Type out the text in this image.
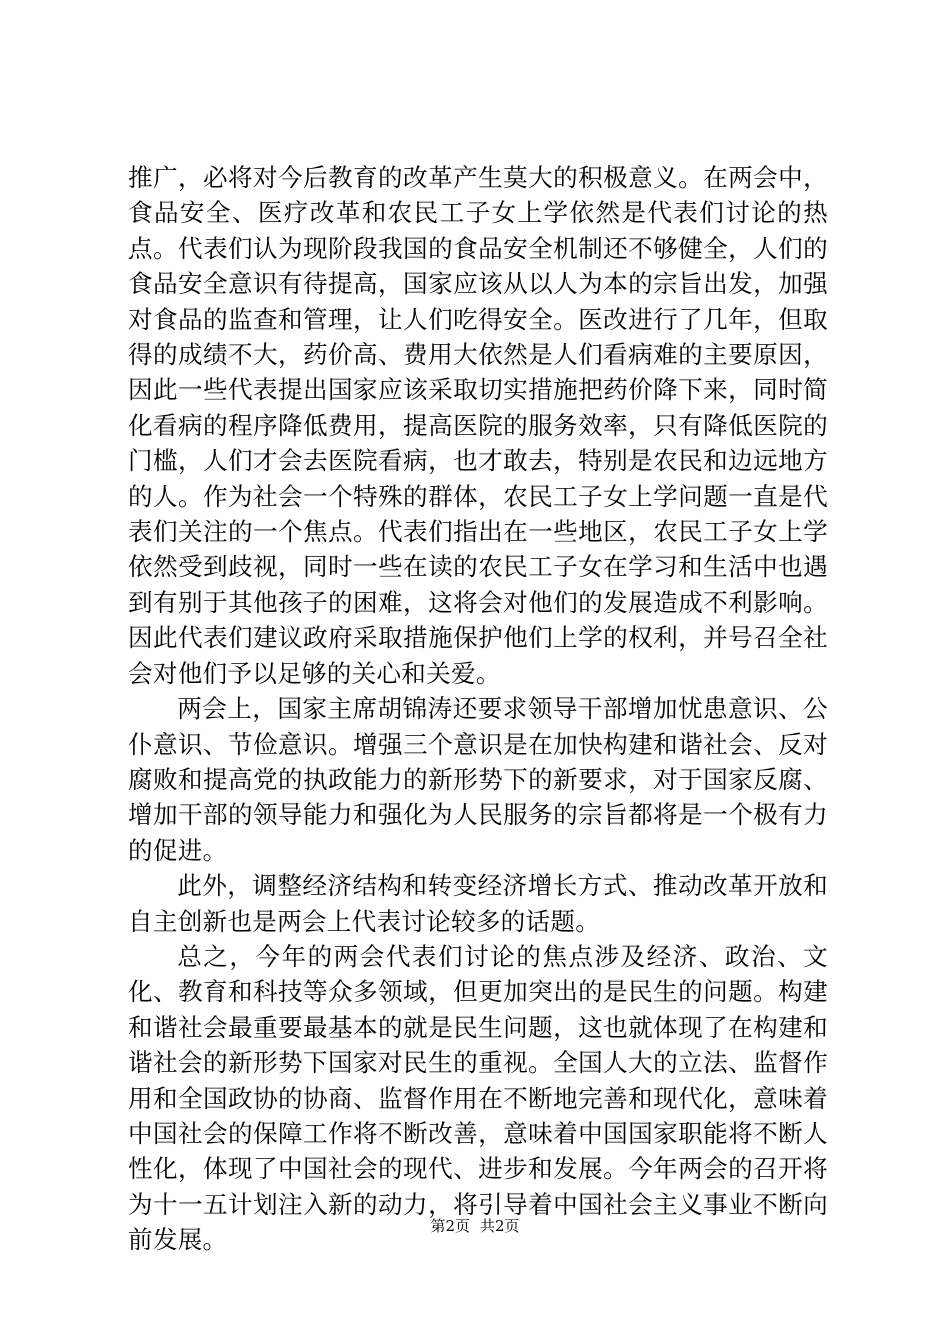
推广，必将对今后教育的改革产生莫大的积极意义。在两会中，食品安全、医疗改革和农民工子女上学依然是代表们讨论的热点。代表们认为现阶段我国的食品安全机制还不够健全，人们的食品安全意识有待提高，国家应该从以人为本的宗旨出发，加强对食品的监查和管理，让人们吃得安全。医改进行了几年，但取得的成绩不大，药价高、费用大依然是人们看病难的主要原因，因此一些代表提出国家应该采取切实措施把药价降下来，同时简化看病的程序降低费用，提高医院的服务效率，只有降低医院的门槛，人们才会去医院看病，也才敢去，特别是农民和边远地方的人。作为社会一个特殊的群体，农民工子女上学问题一直是代表们关注的一个焦点。代表们指出在一些地区，农民工子女上学依然受到歧视，同时一些在读的农民工子女在学习和生活中也遇到有别于其他孩子的困难，这将会对他们的发展造成不利影响。因此代表们建议政府采取措施保护他们上学的权利，并号召全社会对他们予以足够的关心和关爱。

两会上，国家主席胡锦涛还要求领导干部增加忧患意识、公仆意识、节俭意识。增强三个意识是在加快构建和谐社会、反对腐败和提高党的执政能力的新形势下的新要求，对于国家反腐、增加干部的领导能力和强化为人民服务的宗旨都将是一个极有力的促进。

此外，调整经济结构和转变经济增长方式、推动改革开放和自主创新也是两会上代表讨论较多的话题。

总之，今年的两会代表们讨论的焦点涉及经济、政治、文化、教育和科技等众多领域，但更加突出的是民生的问题。构建和谐社会最重要最基本的就是民生问题，这也就体现了在构建和谐社会的新形势下国家对民生的重视。全国人大的立法、监督作用和全国政协的协商、监督作用在不断地完善和现代化，意味着中国社会的保障工作将不断改善，意味着中国国家职能将不断人性化，体现了中国社会的现代、进步和发展。今年两会的召开将为十一五计划注入新的动力，将引导着中国社会主义事业不断向前发展。	第2页 共2页
